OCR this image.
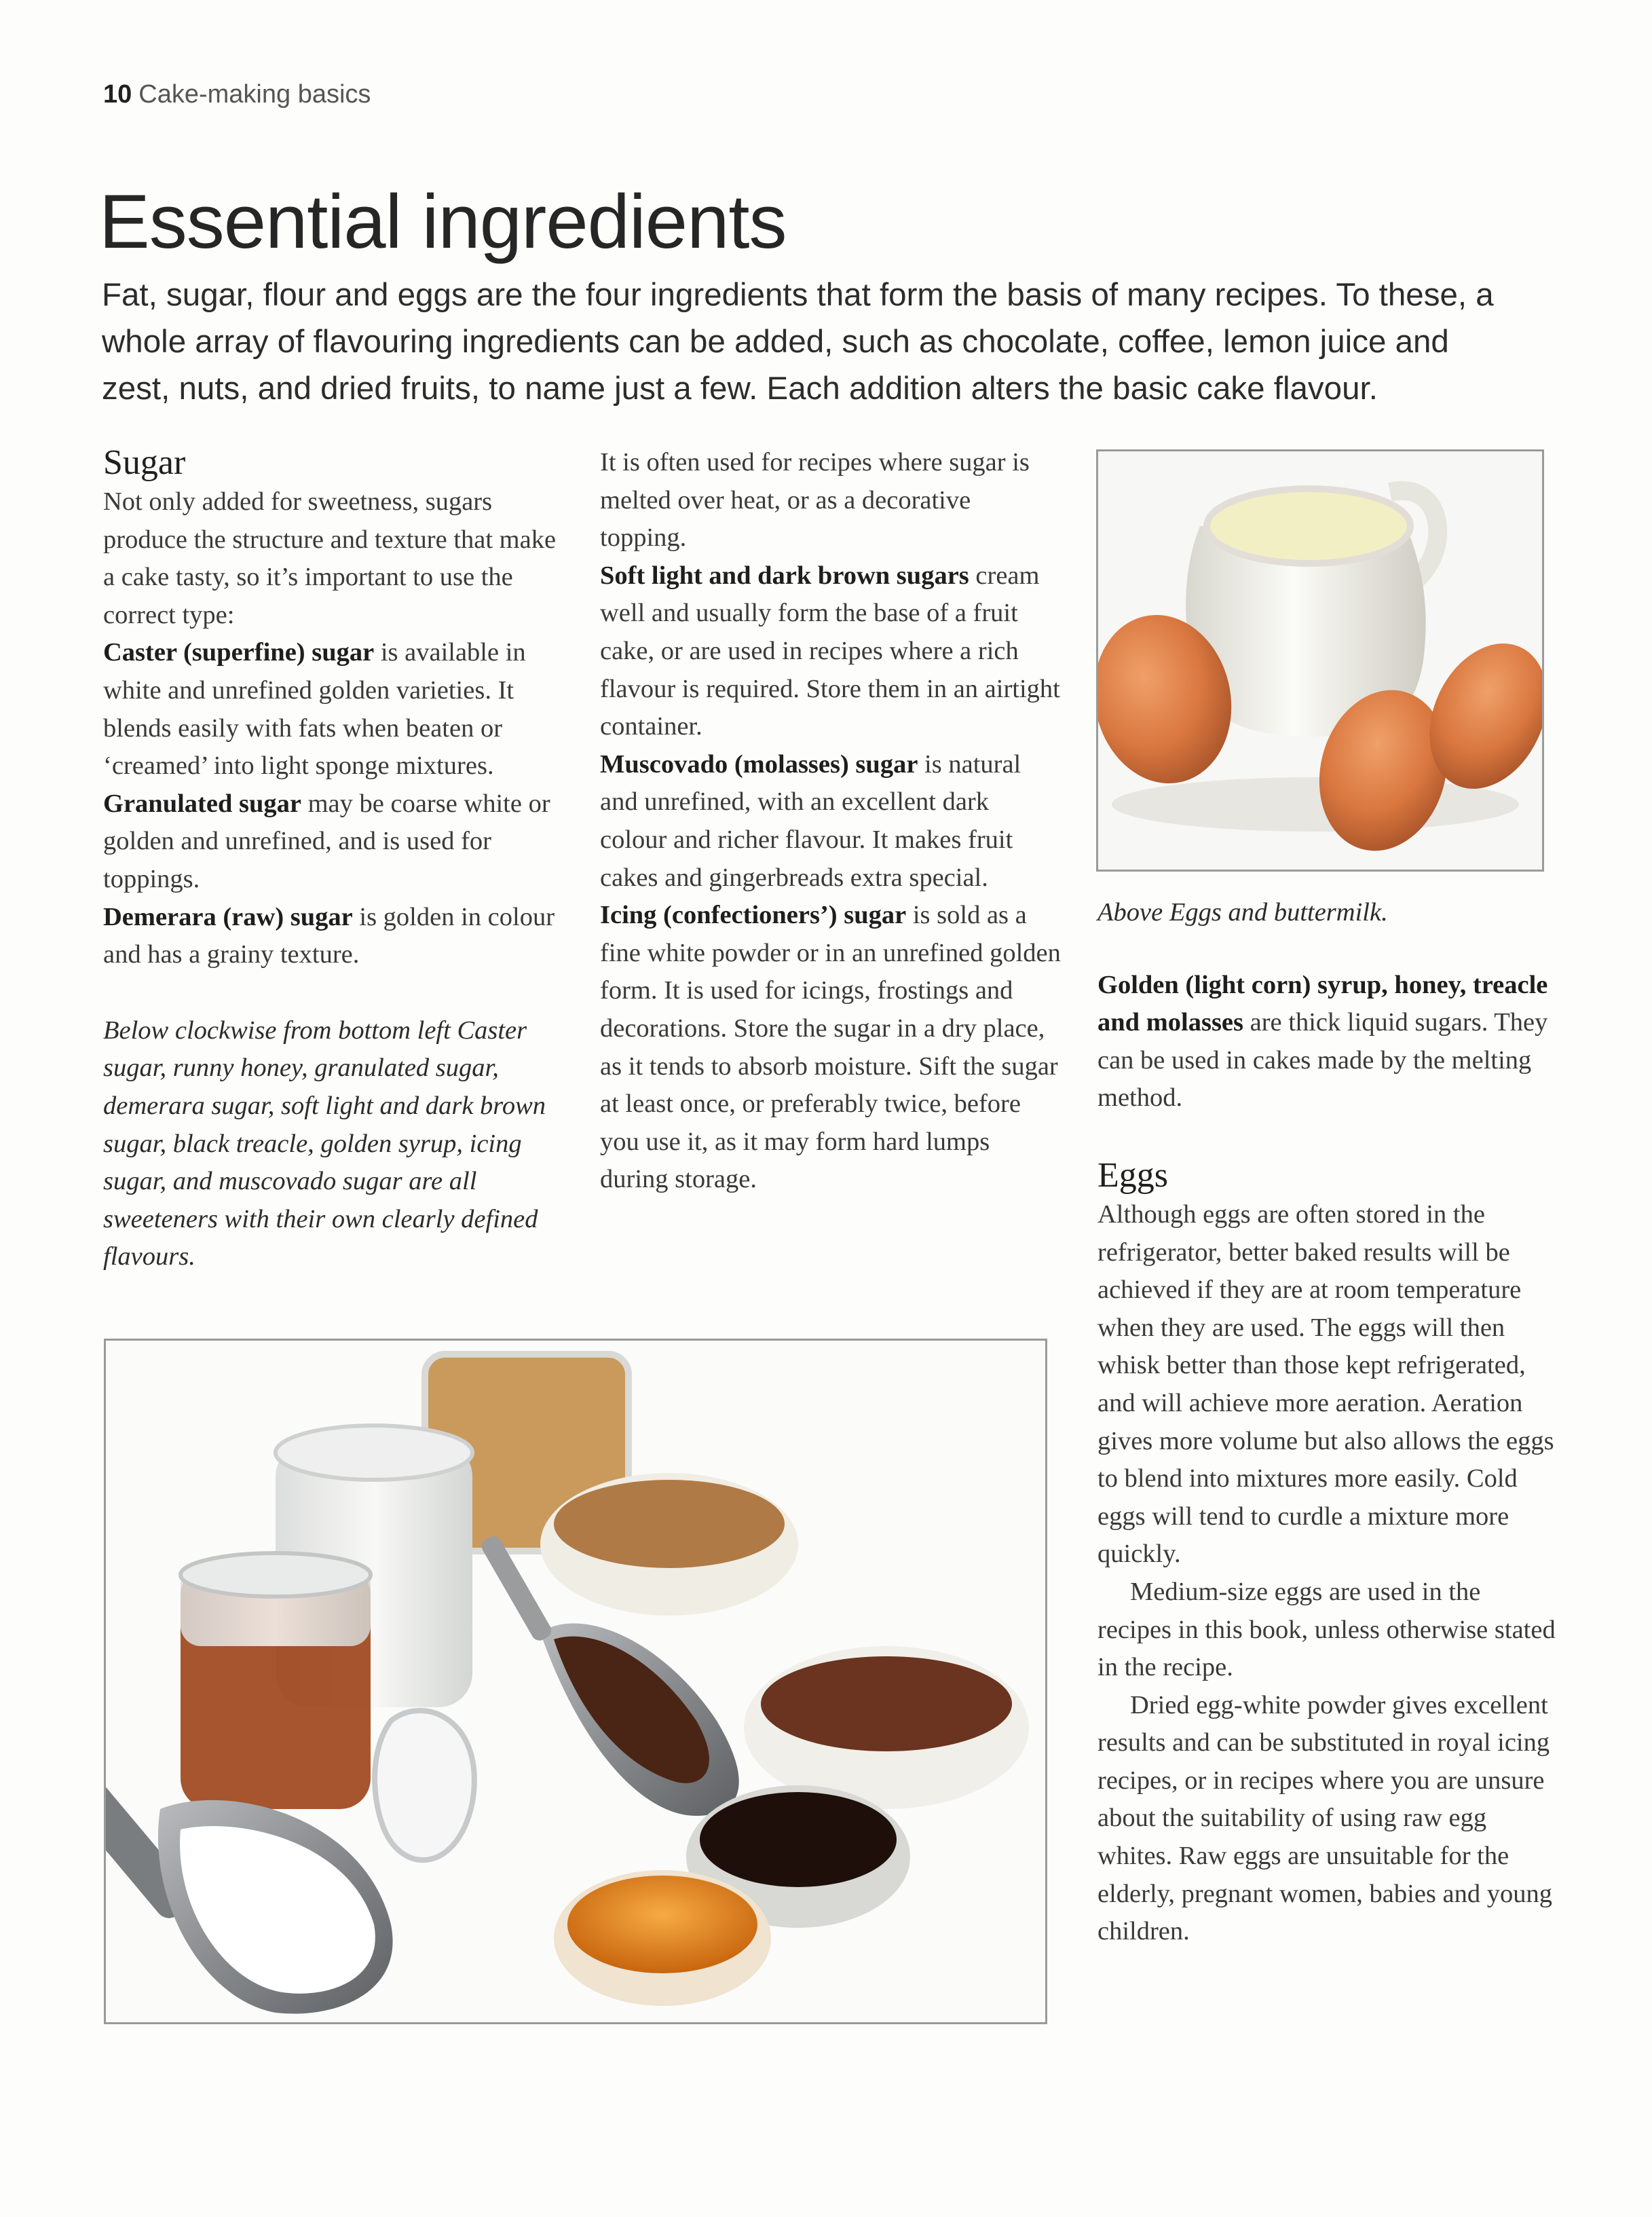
10 Cake-making basics
Essential ingredients

Fat, sugar, flour and eggs are the four ingredients that form the basis of many recipes. To these, a whole array of flavouring ingredients can be added, such as chocolate, coffee, lemon juice and zest, nuts, and dried fruits, to name just a few. Each addition alters the basic cake flavour.

Sugar

Not only added for sweetness, sugars produce the structure and texture that make a cake tasty, so it’s important to use the correct type:

Caster (superfine) sugar is available in white and unrefined golden varieties. It blends easily with fats when beaten or ‘creamed’ into light sponge mixtures.

Granulated sugar may be coarse white or golden and unrefined, and is used for toppings.

Demerara (raw) sugar is golden in colour and has a grainy texture.

Below clockwise from bottom left Caster sugar, runny honey, granulated sugar, demerara sugar, soft light and dark brown sugar, black treacle, golden syrup, icing sugar, and muscovado sugar are all sweeteners with their own clearly defined flavours.

It is often used for recipes where sugar is melted over heat, or as a decorative topping.

Soft light and dark brown sugars cream well and usually form the base of a fruit cake, or are used in recipes where a rich flavour is required. Store them in an airtight container.

Muscovado (molasses) sugar is natural and unrefined, with an excellent dark colour and richer flavour. It makes fruit cakes and gingerbreads extra special.

Icing (confectioners’) sugar is sold as a fine white powder or in an unrefined golden form. It is used for icings, frostings and decorations. Store the sugar in a dry place, as it tends to absorb moisture. Sift the sugar at least once, or preferably twice, before you use it, as it may form hard lumps during storage.

Above Eggs and buttermilk.

Golden (light corn) syrup, honey, treacle and molasses are thick liquid sugars. They can be used in cakes made by the melting method.

Eggs

Although eggs are often stored in the refrigerator, better baked results will be achieved if they are at room temperature when they are used. The eggs will then whisk better than those kept refrigerated, and will achieve more aeration. Aeration gives more volume but also allows the eggs to blend into mixtures more easily. Cold eggs will tend to curdle a mixture more quickly.

Medium-size eggs are used in the recipes in this book, unless otherwise stated in the recipe.

Dried egg-white powder gives excellent results and can be substituted in royal icing recipes, or in recipes where you are unsure about the suitability of using raw egg whites. Raw eggs are unsuitable for the elderly, pregnant women, babies and young children.
